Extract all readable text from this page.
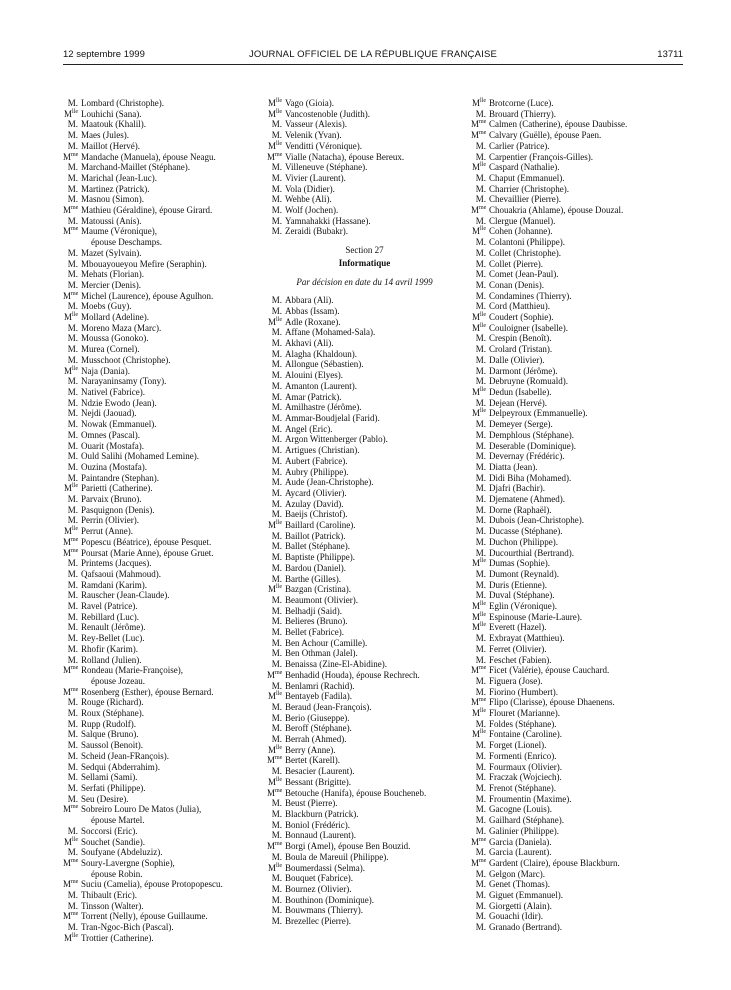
12 septembre 1999	JOURNAL OFFICIEL DE LA RÉPUBLIQUE FRANÇAISE	13711
M. Lombard (Christophe).
$M^{lle}$ Louhichi (Sana).
M. Maatouk (Khalil).
M. Maes (Jules).
M. Maillot (Hervé).
$M^{me}$ Mandache (Manuela), épouse Neagu.
M. Marchand-Maillet (Stéphane).
M. Marichal (Jean-Luc).
M. Martinez (Patrick).
M. Masnou (Simon).
$M^{me}$ Mathieu (Géraldine), épouse Girard.
M. Matoussi (Anis).
$M^{me}$ Maume (Véronique),
épouse Deschamps.
M. Mazet (Sylvain).
M. Mbouayoueyou Mefire (Seraphin).
M. Mehats (Florian).
M. Mercier (Denis).
$M^{me}$ Michel (Laurence), épouse Agulhon.
M. Moebs (Guy).
$M^{lle}$ Mollard (Adeline).
M. Moreno Maza (Marc).
M. Moussa (Gonoko).
M. Murea (Cornel).
M. Musschoot (Christophe).
$M^{lle}$ Naja (Dania).
M. Narayaninsamy (Tony).
M. Nativel (Fabrice).
M. Ndzie Ewodo (Jean).
M. Nejdi (Jaouad).
M. Nowak (Emmanuel).
M. Omnes (Pascal).
M. Ouarit (Mostafa).
M. Ould Salihi (Mohamed Lemine).
M. Ouzina (Mostafa).
M. Paintandre (Stephan).
$M^{lle}$ Parietti (Catherine).
M. Parvaix (Bruno).
M. Pasquignon (Denis).
M. Perrin (Olivier).
$M^{lle}$ Perrut (Anne).
$M^{me}$ Popescu (Béatrice), épouse Pesquet.
$M^{me}$ Poursat (Marie Anne), épouse Gruet.
M. Printems (Jacques).
M. Qafsaoui (Mahmoud).
M. Ramdani (Karim).
M. Rauscher (Jean-Claude).
M. Ravel (Patrice).
M. Rebillard (Luc).
M. Renault (Jérôme).
M. Rey-Bellet (Luc).
M. Rhofir (Karim).
M. Rolland (Julien).
$M^{me}$ Rondeau (Marie-Françoise),
épouse Jozeau.
$M^{me}$ Rosenberg (Esther), épouse Bernard.
M. Rouge (Richard).
M. Roux (Stéphane).
M. Rupp (Rudolf).
M. Salque (Bruno).
M. Saussol (Benoit).
M. Scheid (Jean-FRançois).
M. Sedqui (Abderrahim).
M. Sellami (Sami).
M. Serfati (Philippe).
M. Seu (Desire).
$M^{me}$ Sobreiro Louro De Matos (Julia),
épouse Martel.
M. Soccorsi (Eric).
$M^{lle}$ Souchet (Sandie).
M. Soufyane (Abdeluziz).
$M^{me}$ Soury-Lavergne (Sophie),
épouse Robin.
$M^{me}$ Suciu (Camelia), épouse Protopopescu.
M. Thibault (Eric).
M. Tinsson (Walter).
$M^{me}$ Torrent (Nelly), épouse Guillaume.
M. Tran-Ngoc-Bich (Pascal).
$M^{lle}$ Trottier (Catherine).
$M^{lle}$ Vago (Gioia).
$M^{lle}$ Vancostenoble (Judith).
M. Vasseur (Alexis).
M. Velenik (Yvan).
$M^{lle}$ Venditti (Véronique).
$M^{me}$ Vialle (Natacha), épouse Bereux.
M. Villeneuve (Stéphane).
M. Vivier (Laurent).
M. Vola (Didier).
M. Wehbe (Ali).
M. Wolf (Jochen).
M. Yamnahakki (Hassane).
M. Zeraidi (Bubakr).
Section 27
Informatique
Par décision en date du 14 avril 1999
M. Abbara (Ali).
M. Abbas (Issam).
$M^{lle}$ Adle (Roxane).
M. Affane (Mohamed-Sala).
M. Akhavi (Ali).
M. Alagha (Khaldoun).
M. Allongue (Sébastien).
M. Alouini (Elyes).
M. Amanton (Laurent).
M. Amar (Patrick).
M. Amilhastre (Jérôme).
M. Ammar-Boudjelal (Farid).
M. Angel (Eric).
M. Argon Wittenberger (Pablo).
M. Artigues (Christian).
M. Aubert (Fabrice).
M. Aubry (Philippe).
M. Aude (Jean-Christophe).
M. Aycard (Olivier).
M. Azulay (David).
M. Baeijs (Christof).
$M^{lle}$ Baillard (Caroline).
M. Baillot (Patrick).
M. Ballet (Stéphane).
M. Baptiste (Philippe).
M. Bardou (Daniel).
M. Barthe (Gilles).
$M^{lle}$ Bazgan (Cristina).
M. Beaumont (Olivier).
M. Belhadji (Said).
M. Belieres (Bruno).
M. Bellet (Fabrice).
M. Ben Achour (Camille).
M. Ben Othman (Jalel).
M. Benaissa (Zine-El-Abidine).
$M^{me}$ Benhadid (Houda), épouse Rechrech.
M. Benlamri (Rachid).
$M^{lle}$ Bentayeb (Fadila).
M. Beraud (Jean-François).
M. Berio (Giuseppe).
M. Beroff (Stéphane).
M. Berrah (Ahmed).
$M^{lle}$ Berry (Anne).
$M^{me}$ Bertet (Karell).
M. Besacier (Laurent).
$M^{lle}$ Bessant (Brigitte).
$M^{me}$ Betouche (Hanifa), épouse Boucheneb.
M. Beust (Pierre).
M. Blackburn (Patrick).
M. Boniol (Frédéric).
M. Bonnaud (Laurent).
$M^{me}$ Borgi (Amel), épouse Ben Bouzid.
M. Boula de Mareuil (Philippe).
$M^{lle}$ Boumerdassi (Selma).
M. Bouquet (Fabrice).
M. Bournez (Olivier).
M. Bouthinon (Dominique).
M. Bouwmans (Thierry).
M. Brezellec (Pierre).
$M^{lle}$ Brotcorne (Luce).
M. Brouard (Thierry).
$M^{me}$ Calmen (Catherine), épouse Daubisse.
$M^{me}$ Calvary (Guëlle), épouse Paen.
M. Carlier (Patrice).
M. Carpentier (François-Gilles).
$M^{lle}$ Caspard (Nathalie).
M. Chaput (Emmanuel).
M. Charrier (Christophe).
M. Chevaillier (Pierre).
$M^{me}$ Chouakria (Ahlame), épouse Douzal.
M. Clergue (Manuel).
$M^{lle}$ Cohen (Johanne).
M. Colantoni (Philippe).
M. Collet (Christophe).
M. Collet (Pierre).
M. Comet (Jean-Paul).
M. Conan (Denis).
M. Condamines (Thierry).
M. Cord (Matthieu).
$M^{lle}$ Coudert (Sophie).
$M^{lle}$ Couloigner (Isabelle).
M. Crespin (Benoît).
M. Crolard (Tristan).
M. Dalle (Olivier).
M. Darmont (Jérôme).
M. Debruyne (Romuald).
$M^{lle}$ Dedun (Isabelle).
M. Dejean (Hervé).
$M^{lle}$ Delpeyroux (Emmanuelle).
M. Demeyer (Serge).
M. Demphlous (Stéphane).
M. Deserable (Dominique).
M. Devernay (Frédéric).
M. Diatta (Jean).
M. Didi Biha (Mohamed).
M. Djafri (Bachir).
M. Djematene (Ahmed).
M. Dorne (Raphaël).
M. Dubois (Jean-Christophe).
M. Ducasse (Stéphane).
M. Duchon (Philippe).
M. Ducourthial (Bertrand).
$M^{lle}$ Dumas (Sophie).
M. Dumont (Reynald).
M. Duris (Etienne).
M. Duval (Stéphane).
$M^{lle}$ Eglin (Véronique).
$M^{lle}$ Espinouse (Marie-Laure).
$M^{lle}$ Everett (Hazel).
M. Exbrayat (Matthieu).
M. Ferret (Olivier).
M. Feschet (Fabien).
$M^{me}$ Ficet (Valérie), épouse Cauchard.
M. Figuera (Jose).
M. Fiorino (Humbert).
$M^{me}$ Flipo (Clarisse), épouse Dhaenens.
$M^{lle}$ Flouret (Marianne).
M. Foldes (Stéphane).
$M^{lle}$ Fontaine (Caroline).
M. Forget (Lionel).
M. Formenti (Enrico).
M. Fourmaux (Olivier).
M. Fraczak (Wojciech).
M. Frenot (Stéphane).
M. Froumentin (Maxime).
M. Gacogne (Louis).
M. Gailhard (Stéphane).
M. Galinier (Philippe).
$M^{me}$ Garcia (Daniela).
M. Garcia (Laurent).
$M^{me}$ Gardent (Claire), épouse Blackburn.
M. Gelgon (Marc).
M. Genet (Thomas).
M. Giguet (Emmanuel).
M. Giorgetti (Alain).
M. Gouachi (Idir).
M. Granado (Bertrand).
